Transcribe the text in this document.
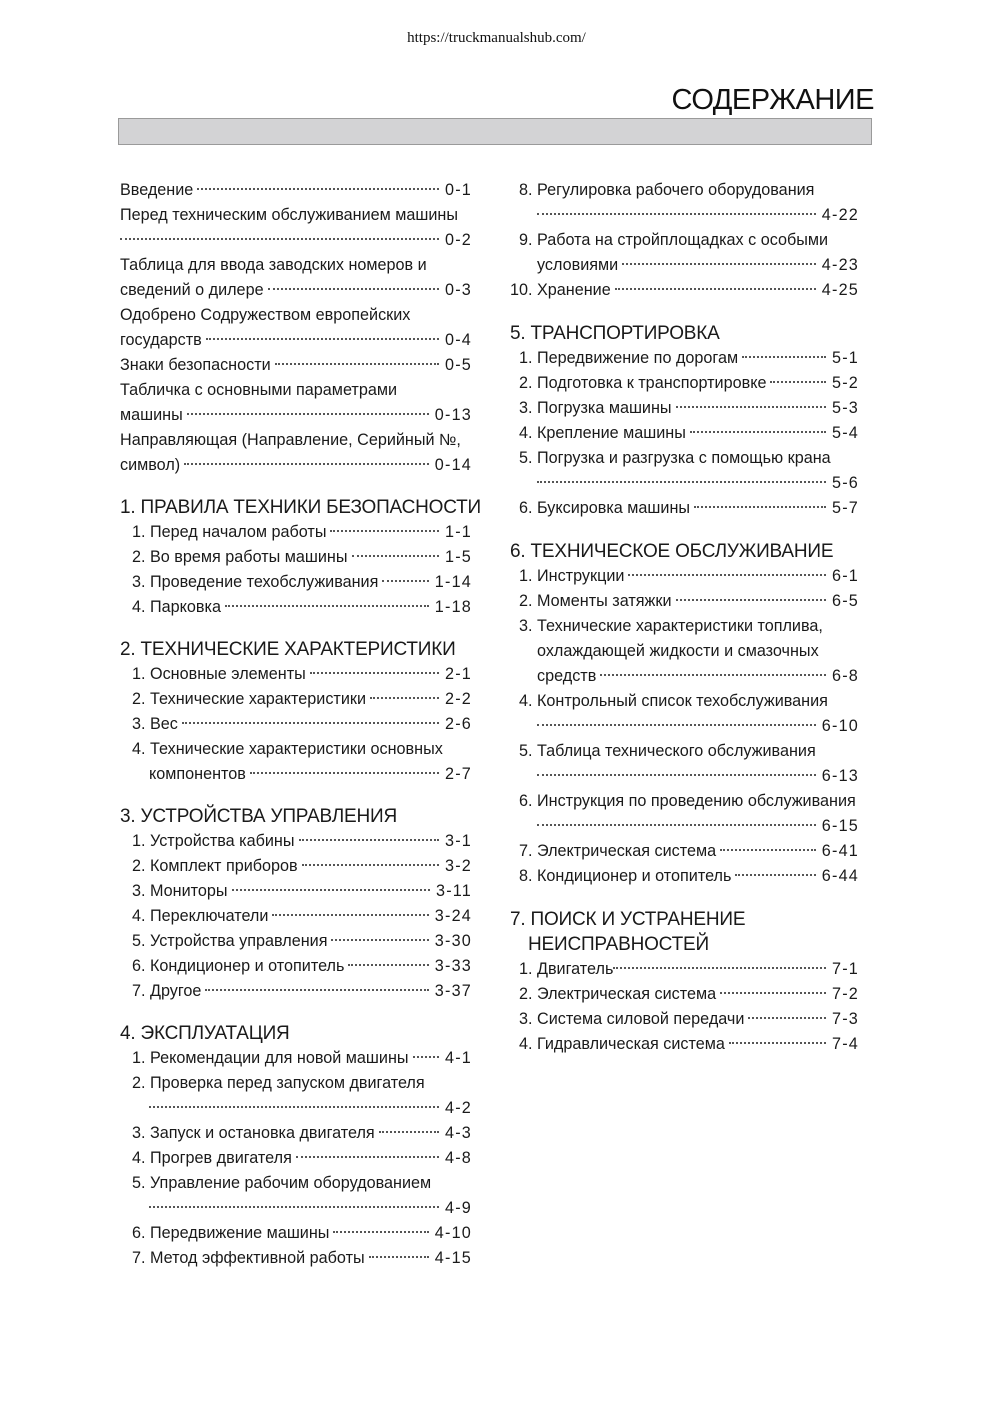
https://truckmanualshub.com/
СОДЕРЖАНИЕ
Введение	0-1
Перед техническим обслуживанием машины
0-2
Таблица для ввода заводских номеров и
сведений о дилере	0-3
Одобрено Содружеством европейских
государств	0-4
Знаки безопасности	0-5
Табличка с основными параметрами
машины	0-13
Направляющая (Направление, Серийный №,
символ)	0-14
1. ПРАВИЛА ТЕХНИКИ БЕЗОПАСНОСТИ
1. Перед началом работы	1-1
2. Во время работы машины	1-5
3. Проведение техобслуживания	1-14
4. Парковка	1-18
2. ТЕХНИЧЕСКИЕ ХАРАКТЕРИСТИКИ
1. Основные элементы	2-1
2. Технические характеристики	2-2
3. Вес	2-6
4. Технические характеристики основных
компонентов	2-7
3. УСТРОЙСТВА УПРАВЛЕНИЯ
1. Устройства кабины	3-1
2. Комплект приборов	3-2
3. Мониторы	3-11
4. Переключатели	3-24
5. Устройства управления	3-30
6. Кондиционер и отопитель	3-33
7. Другое	3-37
4. ЭКСПЛУАТАЦИЯ
1. Рекомендации для новой машины 4-1
2. Проверка перед запуском двигателя
4-2
3. Запуск и остановка двигателя	4-3
4. Прогрев двигателя	4-8
5. Управление рабочим оборудованием
4-9
6. Передвижение машины	4-10
7. Метод эффективной работы	4-15
8. Регулировка рабочего оборудования
4-22
9. Работа на стройплощадках с особыми
условиями	4-23
10. Хранение	4-25
5. ТРАНСПОРТИРОВКА
1. Передвижение по дорогам	5-1
2. Подготовка к транспортировке	5-2
3. Погрузка машины	5-3
4. Крепление машины	5-4
5. Погрузка и разгрузка с помощью крана
5-6
6. Буксировка машины	5-7
6. ТЕХНИЧЕСКОЕ ОБСЛУЖИВАНИЕ
1. Инструкции	6-1
2. Моменты затяжки	6-5
3. Технические характеристики топлива,
охлаждающей жидкости и смазочных
средств	6-8
4. Контрольный список техобслуживания
6-10
5. Таблица технического обслуживания
6-13
6. Инструкция по проведению обслуживания
6-15
7. Электрическая система	6-41
8. Кондиционер и отопитель	6-44
7. ПОИСК И УСТРАНЕНИЕ
НЕИСПРАВНОСТЕЙ
1. Двигатель	7-1
2. Электрическая система	7-2
3. Система силовой передачи	7-3
4. Гидравлическая система	7-4
